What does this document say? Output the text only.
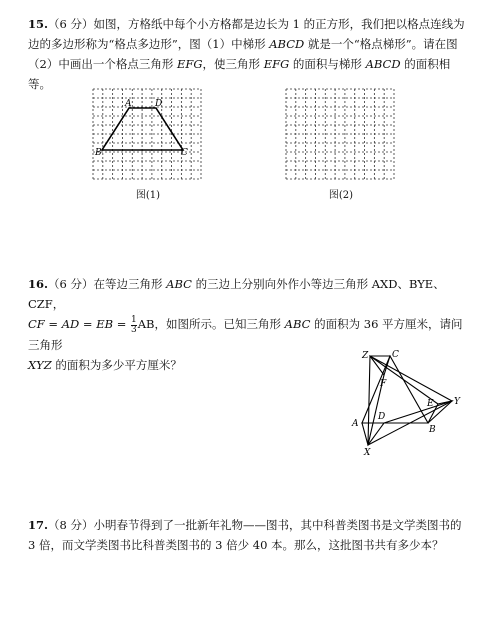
15.（6 分）如图，方格纸中每个小方格都是边长为 1 的正方形，我们把以格点连线为边的多边形称为“格点多边形”，图（1）中梯形 ABCD 就是一个“格点梯形”。请在图（2）中画出一个格点三角形 EFG，使三角形 EFG 的面积与梯形 ABCD 的面积相等。
A	D
B	C
图(1)	图(2)
16.（6 分）在等边三角形 ABC 的三边上分别向外作小等边三角形 AXD、BYE、CZF，
CF = AD = EB = $\frac{1}{3}$ AB，如图所示。已知三角形 ABC 的面积为 36 平方厘米，请问三角形
XYZ 的面积为多少平方厘米？
Z	C
F
E Y
D
A
B
X
17.（8 分）小明春节得到了一批新年礼物——图书，其中科普类图书是文学类图书的 3 倍，而文学类图书比科普类图书的 3 倍少 40 本。那么，这批图书共有多少本？
